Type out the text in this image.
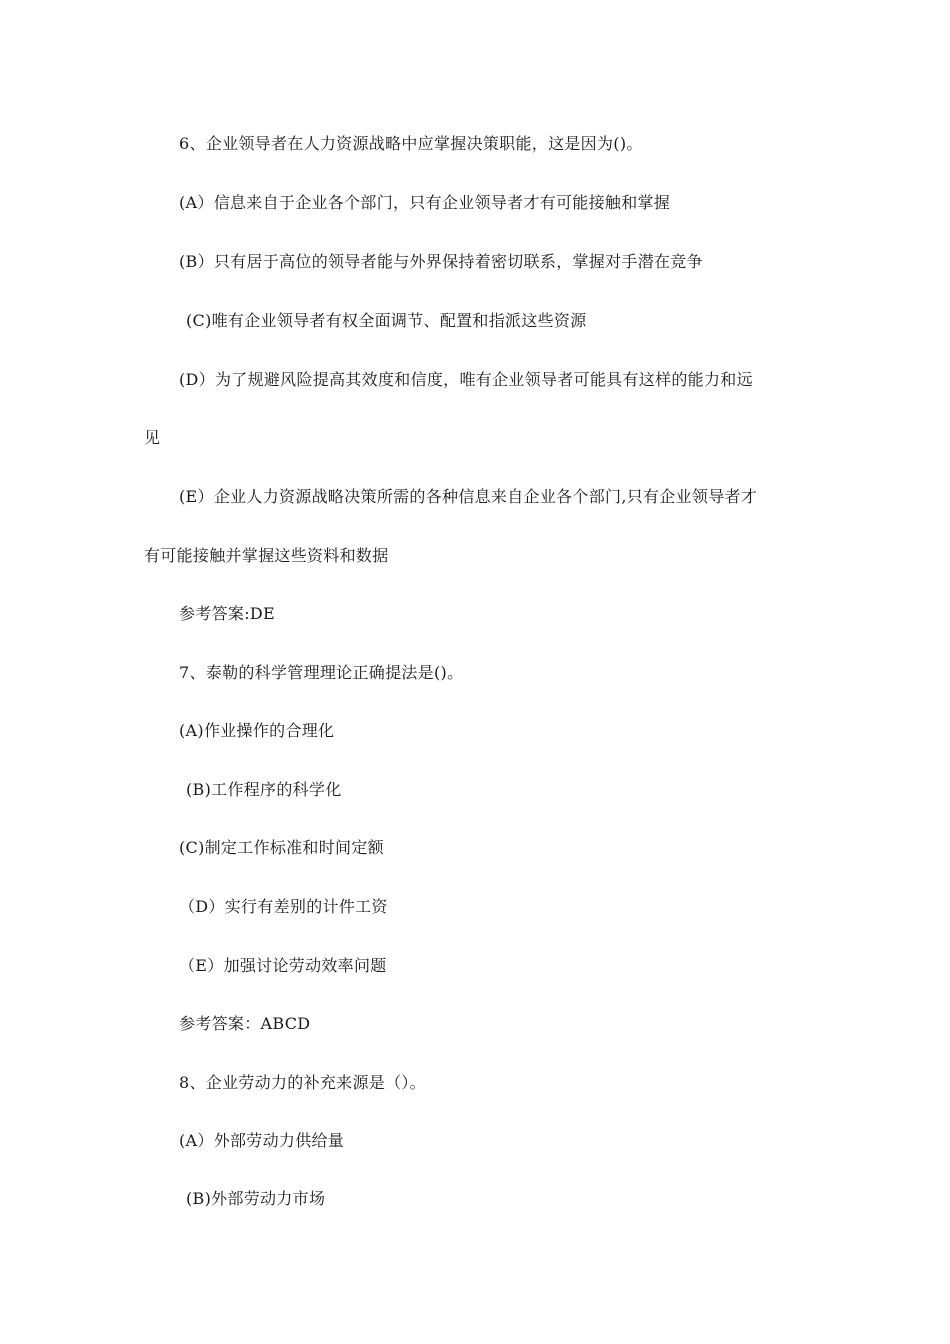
6、企业领导者在人力资源战略中应掌握决策职能，这是因为()。
(A）信息来自于企业各个部门，只有企业领导者才有可能接触和掌握
(B）只有居于高位的领导者能与外界保持着密切联系，掌握对手潜在竞争
(C)唯有企业领导者有权全面调节、配置和指派这些资源
(D）为了规避风险提高其效度和信度，唯有企业领导者可能具有这样的能力和远
见
(E）企业人力资源战略决策所需的各种信息来自企业各个部门,只有企业领导者才
有可能接触并掌握这些资料和数据
参考答案:DE
7、泰勒的科学管理理论正确提法是()。
(A)作业操作的合理化
(B)工作程序的科学化
(C)制定工作标准和时间定额
（D）实行有差别的计件工资
（E）加强讨论劳动效率问题
参考答案：ABCD
8、企业劳动力的补充来源是（）。
(A）外部劳动力供给量
(B)外部劳动力市场
